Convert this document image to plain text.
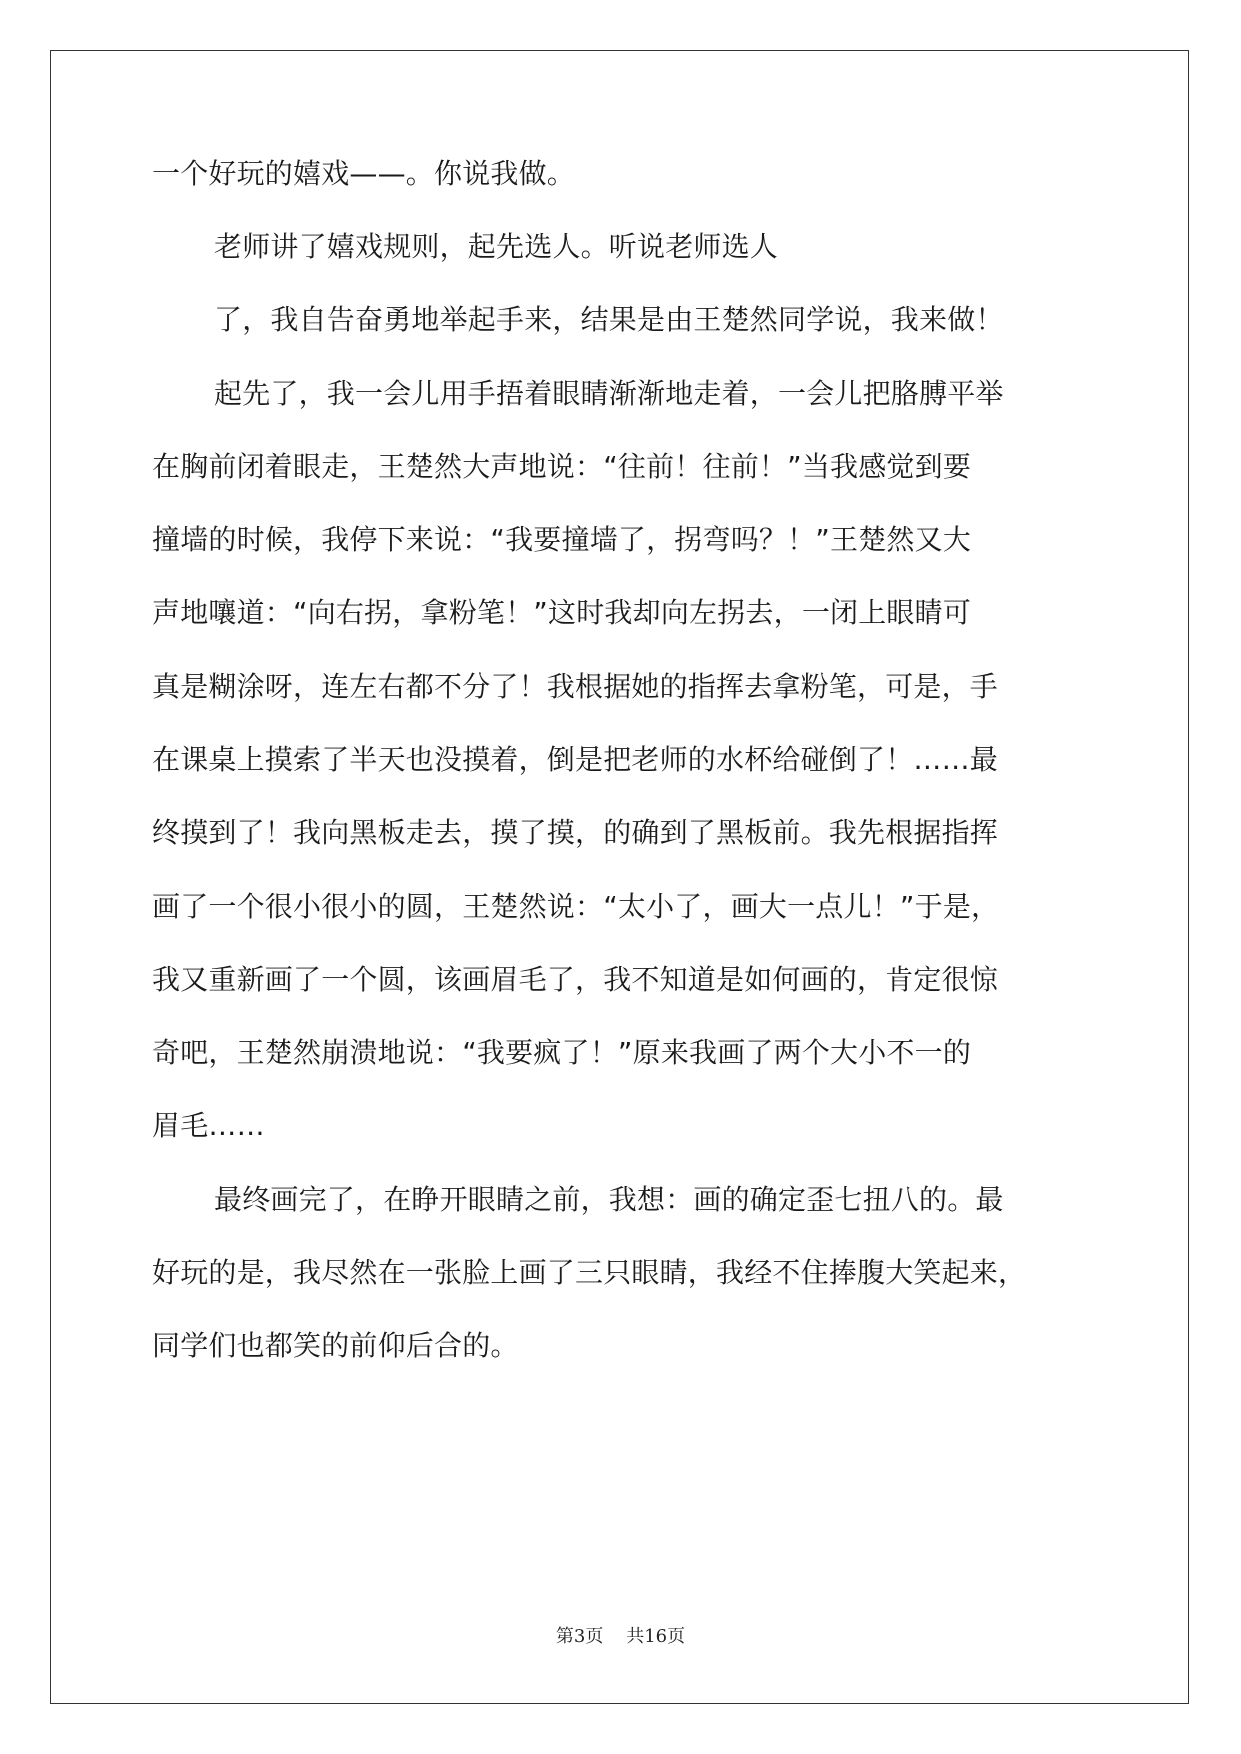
一个好玩的嬉戏——。你说我做。

老师讲了嬉戏规则，起先选人。听说老师选人

了，我自告奋勇地举起手来，结果是由王楚然同学说，我来做！

起先了，我一会儿用手捂着眼睛渐渐地走着，一会儿把胳膊平举

在胸前闭着眼走，王楚然大声地说：“往前！往前！”当我感觉到要

撞墙的时候，我停下来说：“我要撞墙了，拐弯吗？！”王楚然又大

声地嚷道：“向右拐，拿粉笔！”这时我却向左拐去，一闭上眼睛可

真是糊涂呀，连左右都不分了！我根据她的指挥去拿粉笔，可是，手

在课桌上摸索了半天也没摸着，倒是把老师的水杯给碰倒了！……最

终摸到了！我向黑板走去，摸了摸，的确到了黑板前。我先根据指挥

画了一个很小很小的圆，王楚然说：“太小了，画大一点儿！”于是，

我又重新画了一个圆，该画眉毛了，我不知道是如何画的，肯定很惊

奇吧，王楚然崩溃地说：“我要疯了！”原来我画了两个大小不一的

眉毛……

最终画完了，在睁开眼睛之前，我想：画的确定歪七扭八的。最

好玩的是，我尽然在一张脸上画了三只眼睛，我经不住捧腹大笑起来，

同学们也都笑的前仰后合的。

第3页    共16页
